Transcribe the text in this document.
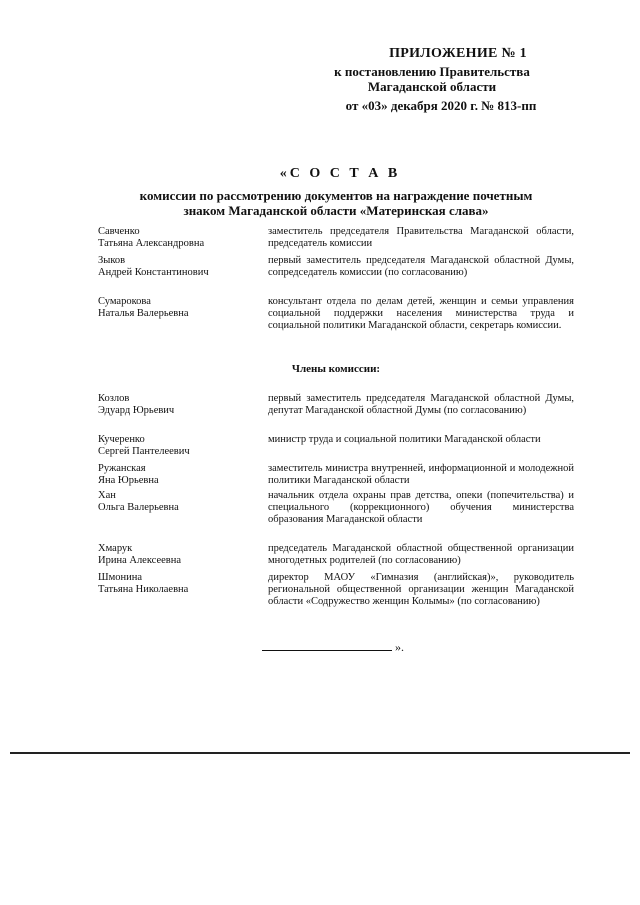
ПРИЛОЖЕНИЕ № 1
к постановлению Правительства
Магаданской области
от «03» декабря 2020 г. № 813-пп
«С О С Т А В
комиссии по рассмотрению документов на награждение почетным
знаком Магаданской области «Материнская слава»
Савченко
Татьяна Александровна
заместитель председателя Правительства Магаданской области, председатель комиссии
Зыков
Андрей Константинович
первый заместитель председателя Магаданской областной Думы, сопредседатель комиссии (по согласованию)
Сумарокова
Наталья Валерьевна
консультант отдела по делам детей, женщин и семьи управления социальной поддержки населения министерства труда и социальной политики Магаданской области, секретарь комиссии.
Члены комиссии:
Козлов
Эдуард Юрьевич
первый заместитель председателя Магаданской областной Думы, депутат Магаданской областной Думы (по согласованию)
Кучеренко
Сергей Пантелеевич
министр труда и социальной политики Магаданской области
Ружанская
Яна Юрьевна
заместитель министра внутренней, информационной и молодежной политики Магаданской области
Хан
Ольга Валерьевна
начальник отдела охраны прав детства, опеки (попечительства) и специального (коррекционного) обучения министерства образования Магаданской области
Хмарук
Ирина Алексеевна
председатель Магаданской областной общественной организации многодетных родителей (по согласованию)
Шмонина
Татьяна Николаевна
директор МАОУ «Гимназия (английская)», руководитель региональной общественной организации женщин Магаданской области «Содружество женщин Колымы» (по согласованию)
».
